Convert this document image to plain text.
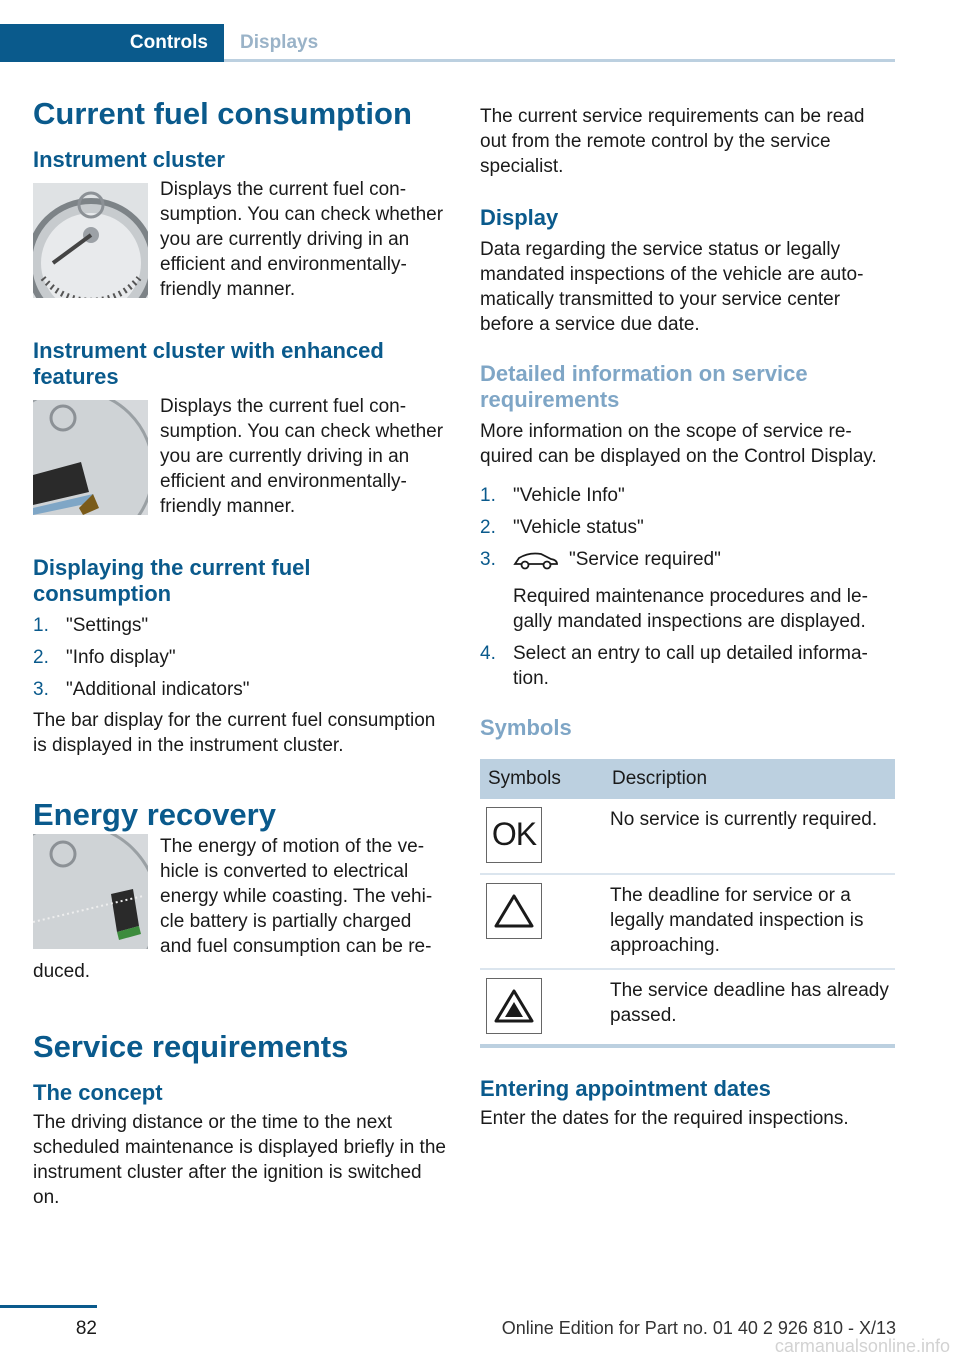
Controls	Displays
Current fuel consumption
Instrument cluster

Displays the current fuel consumption. You can check whether you are currently driving in an efficient and environmentally-friendly manner.

Instrument cluster with enhanced features

Displays the current fuel consumption. You can check whether you are currently driving in an efficient and environmentally-friendly manner.

Displaying the current fuel consumption
1. "Settings"
2. "Info display"
3. "Additional indicators"

The bar display for the current fuel consumption is displayed in the instrument cluster.

Energy recovery

The energy of motion of the vehicle is converted to electrical energy while coasting. The vehicle battery is partially charged and fuel consumption can be reduced.

Service requirements
The concept

The driving distance or the time to the next scheduled maintenance is displayed briefly in the instrument cluster after the ignition is switched on.

The current service requirements can be read out from the remote control by the service specialist.

Display

Data regarding the service status or legally mandated inspections of the vehicle are automatically transmitted to your service center before a service due date.

Detailed information on service requirements

More information on the scope of service required can be displayed on the Control Display.

1. "Vehicle Info"
2. "Vehicle status"
3.	"Service required"
Required maintenance procedures and legally mandated inspections are displayed.
4. Select an entry to call up detailed information.
Symbols
Symbols	Description

OK	No service is currently required.

	The deadline for service or a legally mandated inspection is approaching.

	The service deadline has already passed.
Entering appointment dates

Enter the dates for the required inspections.

82	Online Edition for Part no. 01 40 2 926 810 - X/13
carmanualsonline.info
